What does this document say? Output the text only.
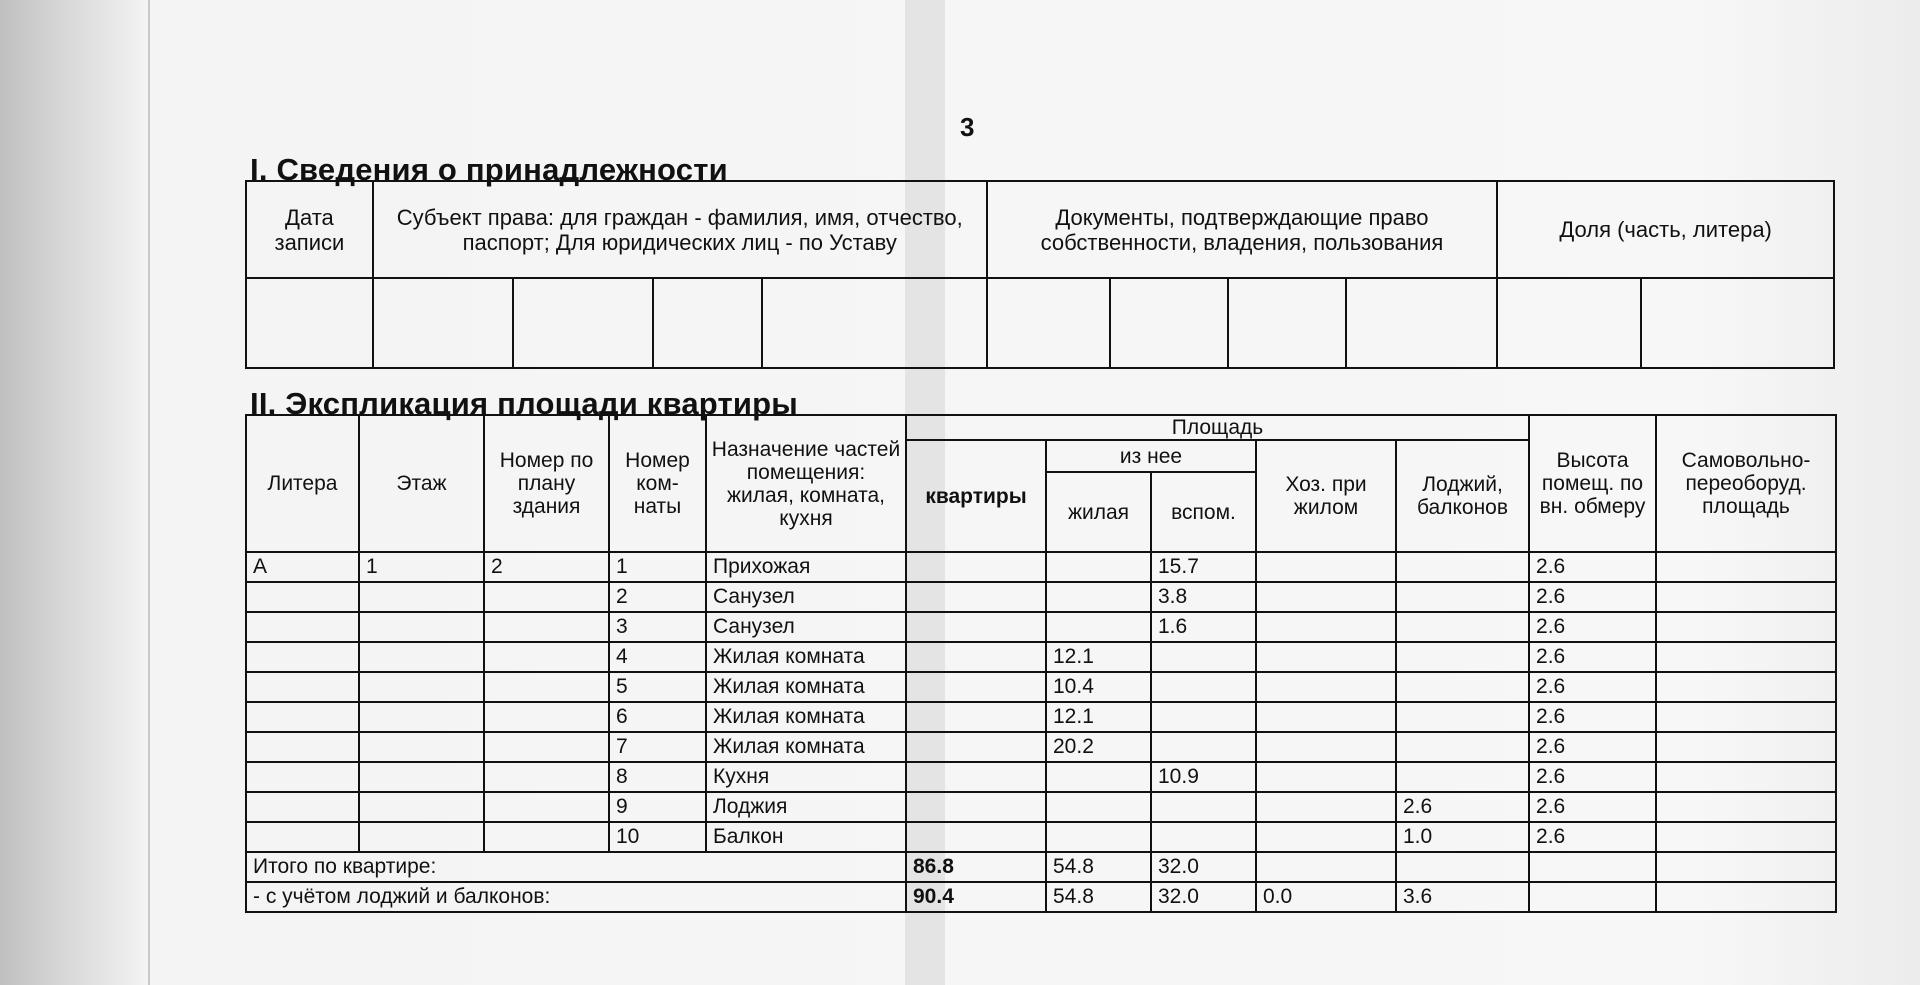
3
I. Сведения о принадлежности
Дата записи	Субъект права: для граждан - фамилия, имя, отчество, паспорт; Для юридических лиц - по Уставу				Документы, подтверждающие право собственности, владения, пользования				Доля (часть, литера)	

II. Экспликация площади квартиры
Литера	Этаж	Номер по плану здания	Номер ком-наты	Назначение частей помещения: жилая, комната, кухня	Площадь					Высота помещ. по вн. обмеру	Самовольно-переоборуд. площадь
					квартиры	из нее		Хоз. при жилом	Лоджий, балконов		
						жилая	вспом.				
А	1	2	1	Прихожая			15.7			2.6	
			2	Санузел			3.8			2.6	
			3	Санузел			1.6			2.6	
			4	Жилая комната		12.1				2.6	
			5	Жилая комната		10.4				2.6	
			6	Жилая комната		12.1				2.6	
			7	Жилая комната		20.2				2.6	
			8	Кухня			10.9			2.6	
			9	Лоджия					2.6	2.6	
			10	Балкон					1.0	2.6	
Итого по квартире:					86.8	54.8	32.0				
- с учётом лоджий и балконов:					90.4	54.8	32.0	0.0	3.6		
